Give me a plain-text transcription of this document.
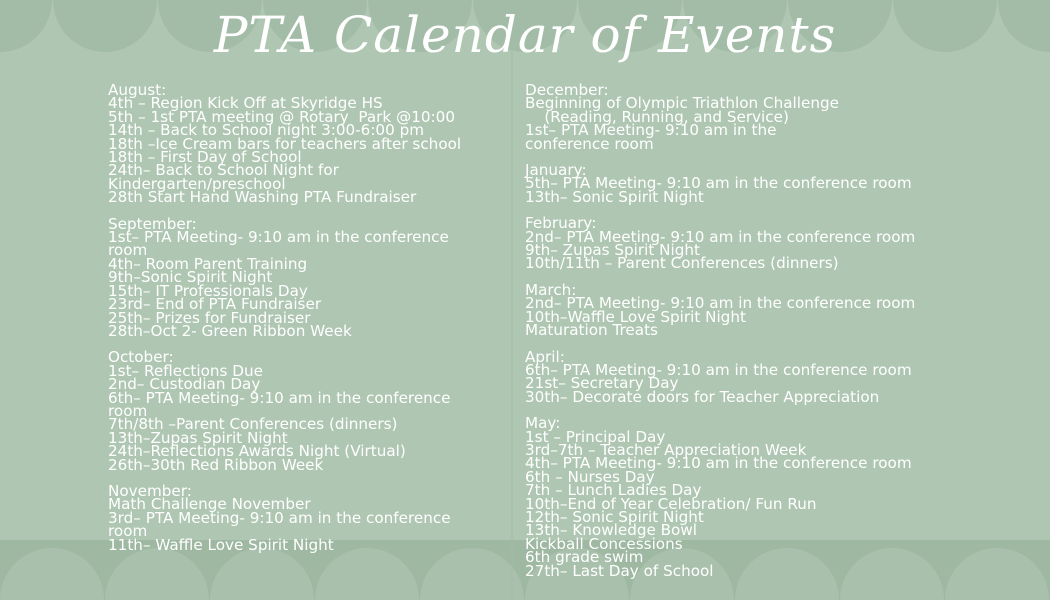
PTA Calendar of Events
August:
4th – Region Kick Off at Skyridge HS
5th – 1st PTA meeting @ Rotary  Park @10:00
14th – Back to School night 3:00-6:00 pm
18th –Ice Cream bars for teachers after school
18th – First Day of School
24th– Back to School Night for Kindergarten/preschool
28th Start Hand Washing PTA Fundraiser
September:
1st– PTA Meeting- 9:10 am in the conference room
4th– Room Parent Training
9th–Sonic Spirit Night
15th– IT Professionals Day
23rd– End of PTA Fundraiser
25th– Prizes for Fundraiser
28th–Oct 2- Green Ribbon Week
October:
1st– Reflections Due
2nd– Custodian Day
6th– PTA Meeting- 9:10 am in the conference room
7th/8th –Parent Conferences (dinners)
13th–Zupas Spirit Night
24th–Reflections Awards Night (Virtual)
26th–30th Red Ribbon Week
November:
Math Challenge November
3rd– PTA Meeting- 9:10 am in the conference room
11th– Waffle Love Spirit Night
December:
Beginning of Olympic Triathlon Challenge
(Reading, Running, and Service)
1st– PTA Meeting- 9:10 am in the conference room
January:
5th– PTA Meeting- 9:10 am in the conference room
13th– Sonic Spirit Night
February:
2nd– PTA Meeting- 9:10 am in the conference room
9th– Zupas Spirit Night
10th/11th – Parent Conferences (dinners)
March:
2nd– PTA Meeting- 9:10 am in the conference room
10th–Waffle Love Spirit Night
Maturation Treats
April:
6th– PTA Meeting- 9:10 am in the conference room
21st– Secretary Day
30th– Decorate doors for Teacher Appreciation
May:
1st – Principal Day
3rd–7th – Teacher Appreciation Week
4th– PTA Meeting- 9:10 am in the conference room
6th – Nurses Day
7th – Lunch Ladies Day
10th–End of Year Celebration/ Fun Run
12th– Sonic Spirit Night
13th– Knowledge Bowl
Kickball Concessions
6th grade swim
27th– Last Day of School
